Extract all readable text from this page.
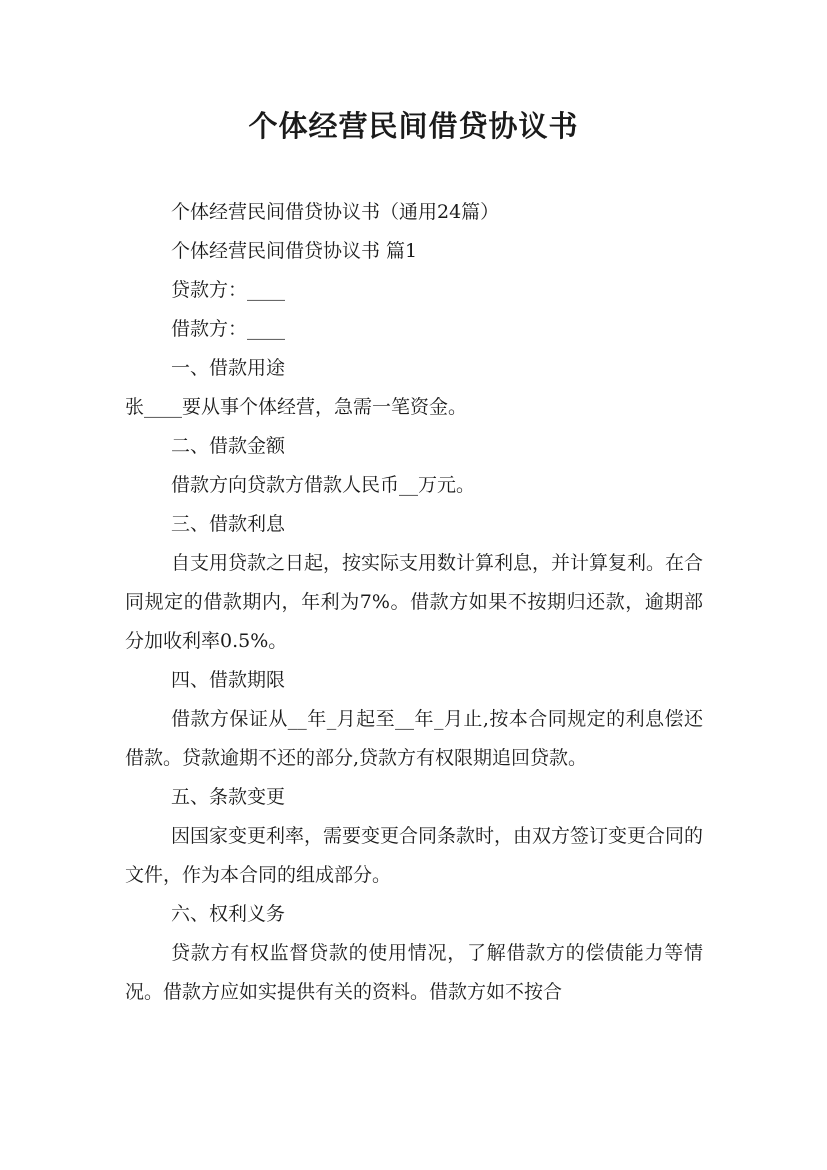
个体经营民间借贷协议书

个体经营民间借贷协议书（通用24篇）

个体经营民间借贷协议书 篇1

贷款方：____

借款方：____

一、借款用途

张____要从事个体经营，急需一笔资金。

二、借款金额

借款方向贷款方借款人民币__万元。

三、借款利息

自支用贷款之日起，按实际支用数计算利息，并计算复利。在合同规定的借款期内，年利为7%。借款方如果不按期归还款，逾期部分加收利率0.5%。

四、借款期限

借款方保证从__年_月起至__年_月止,按本合同规定的利息偿还借款。贷款逾期不还的部分,贷款方有权限期追回贷款。

五、条款变更

因国家变更利率，需要变更合同条款时，由双方签订变更合同的文件，作为本合同的组成部分。

六、权利义务

贷款方有权监督贷款的使用情况，了解借款方的偿债能力等情况。借款方应如实提供有关的资料。借款方如不按合
